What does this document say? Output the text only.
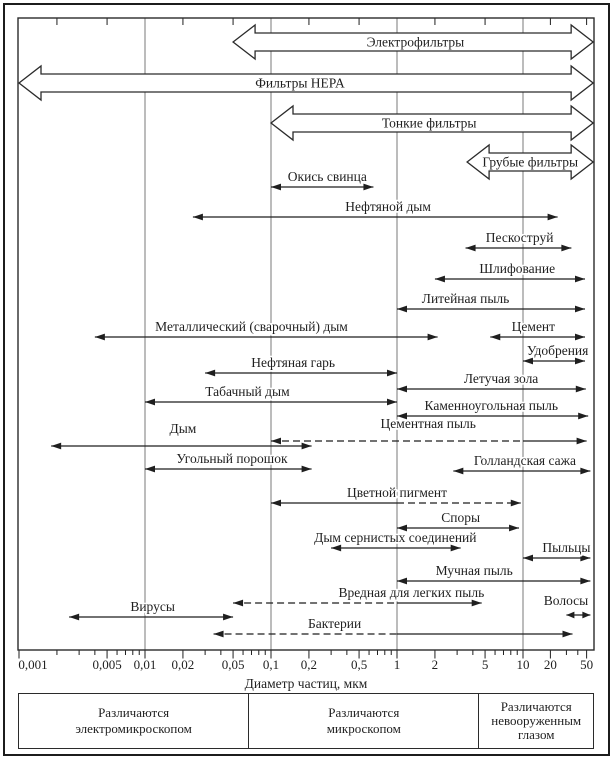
0,001	0,005 0,01 0,02 0,05 0,1 0,2	0,5 1 2	5 10 20 50
Электрофильтры
Фильтры HEPA
Тонкие фильтры
Грубые фильтры
Окись свинца
Нефтяной дым
Пескоструй
Шлифование
Литейная пыль
Металлический (сварочный) дым	Цемент
Удобрения
Нефтяная гарь
Летучая зола
Табачный дым
Каменноугольная пыль
Цементная пыль
Дым
Угольный порошок	Голландская сажа
Цветной пигмент
Споры
Дым сернистых соединений
Пыльцы
Мучная пыль
Вредная для легких пыль
Волосы
Вирусы
Бактерии
Диаметр частиц, мкм
Различаются
электромикроскопом
Различаются
микроскопом
Различаются
невооруженным
глазом
